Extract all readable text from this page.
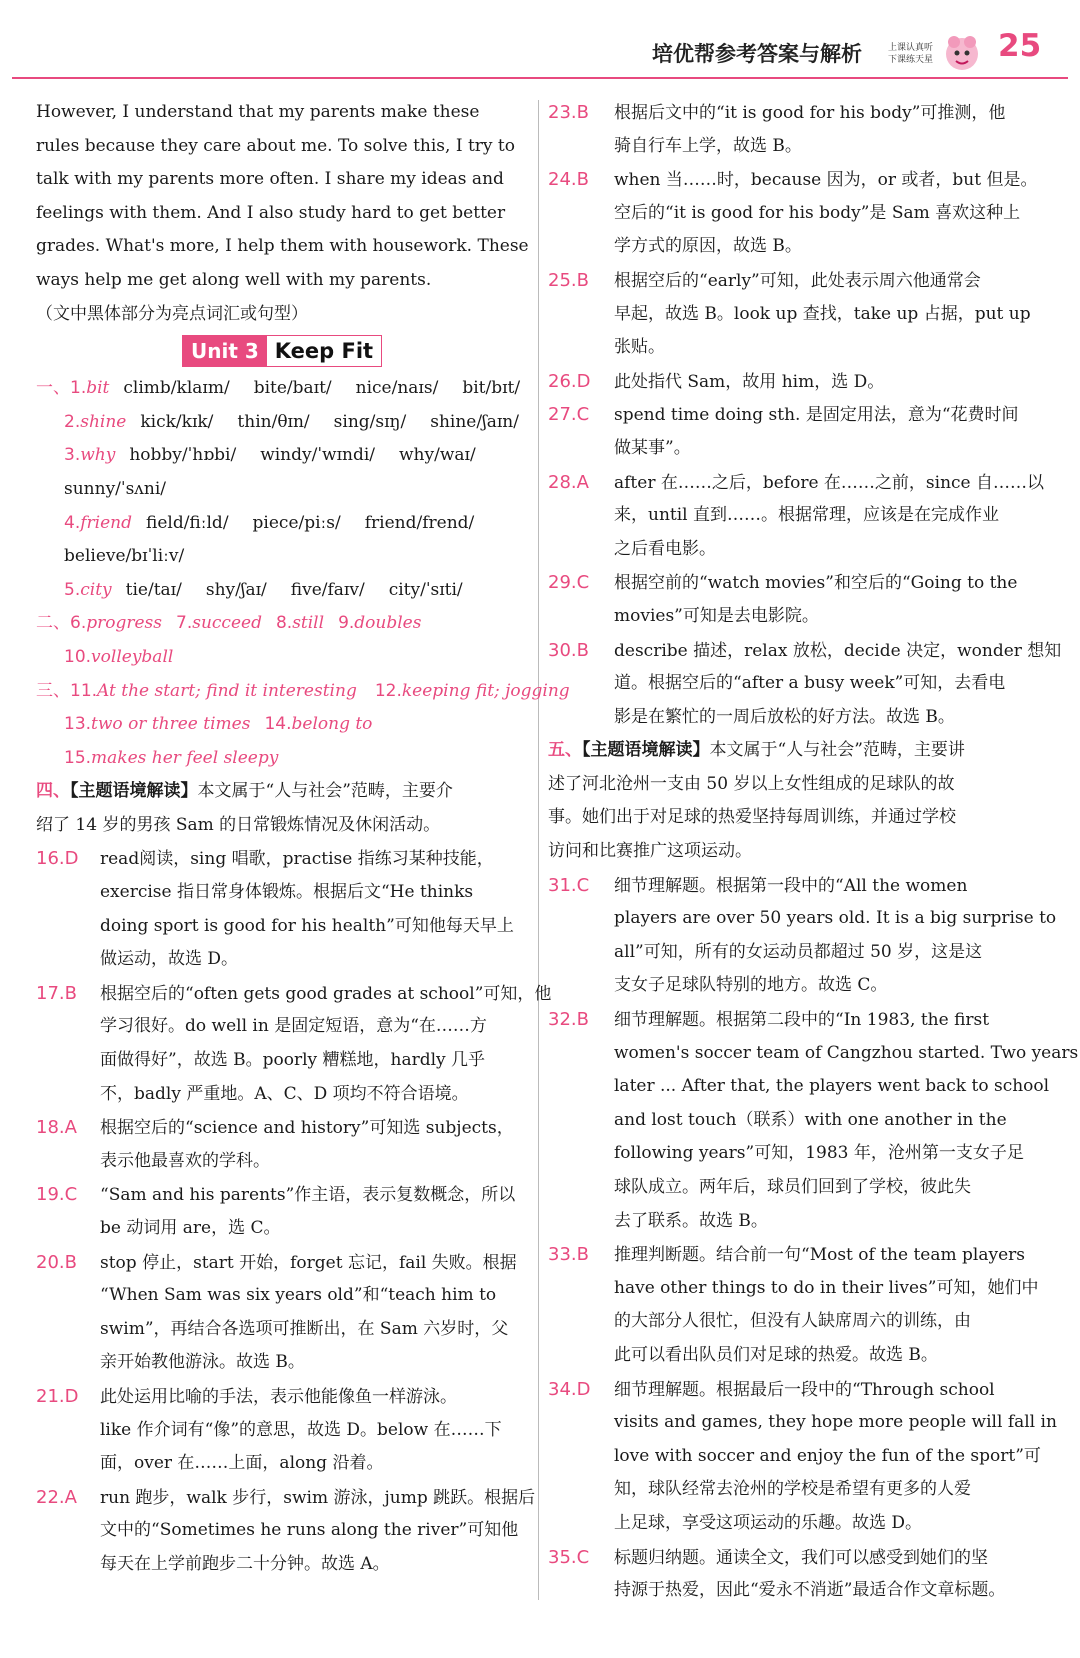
培优帮参考答案与解析	上课认真听
下课练天星 25
However, I understand that my parents make these
rules because they care about me. To solve this, I try to
talk with my parents more often. I share my ideas and
feelings with them. And I also study hard to get better
grades. What's more, I help them with housework. These
ways help me get along well with my parents.
（文中黑体部分为亮点词汇或句型）
Unit 3 Keep Fit
一、1.bit climb/klaɪm/ bite/baɪt/ nice/naɪs/ bit/bɪt/
2.shine kick/kɪk/ thin/θɪn/ sing/sɪŋ/ shine/ʃaɪn/
3.why hobby/ˈhɒbi/ windy/ˈwɪndi/ why/waɪ/
sunny/ˈsʌni/
4.friend field/fiːld/ piece/piːs/ friend/frend/
believe/bɪˈliːv/
5.city tie/taɪ/ shy/ʃaɪ/ five/faɪv/ city/ˈsɪti/
二、6.progress 7.succeed 8.still 9.doubles
10.volleyball
三、11.At the start; find it interesting 12.keeping fit; jogging
13.two or three times 14.belong to
15.makes her feel sleepy
四、【主题语境解读】本文属于“人与社会”范畴，主要介
绍了 14 岁的男孩 Sam 的日常锻炼情况及休闲活动。
16.D read阅读，sing 唱歌，practise 指练习某种技能，
exercise 指日常身体锻炼。根据后文“He thinks
doing sport is good for his health”可知他每天早上
做运动，故选 D。
17.B 根据空后的“often gets good grades at school”可知，他
学习很好。do well in 是固定短语，意为“在……方
面做得好”，故选 B。poorly 糟糕地，hardly 几乎
不，badly 严重地。A、C、D 项均不符合语境。
18.A 根据空后的“science and history”可知选 subjects，
表示他最喜欢的学科。
19.C “Sam and his parents”作主语，表示复数概念，所以
be 动词用 are，选 C。
20.B stop 停止，start 开始，forget 忘记，fail 失败。根据
“When Sam was six years old”和“teach him to
swim”，再结合各选项可推断出，在 Sam 六岁时，父
亲开始教他游泳。故选 B。
21.D 此处运用比喻的手法，表示他能像鱼一样游泳。
like 作介词有“像”的意思，故选 D。below 在……下
面，over 在……上面，along 沿着。
22.A run 跑步，walk 步行，swim 游泳，jump 跳跃。根据后
文中的“Sometimes he runs along the river”可知他
每天在上学前跑步二十分钟。故选 A。
23.B 根据后文中的“it is good for his body”可推测，他
骑自行车上学，故选 B。
24.B when 当……时，because 因为，or 或者，but 但是。
空后的“it is good for his body”是 Sam 喜欢这种上
学方式的原因，故选 B。
25.B 根据空后的“early”可知，此处表示周六他通常会
早起，故选 B。look up 查找，take up 占据，put up
张贴。
26.D 此处指代 Sam，故用 him，选 D。
27.C spend time doing sth. 是固定用法，意为“花费时间
做某事”。
28.A after 在……之后，before 在……之前，since 自……以
来，until 直到……。根据常理，应该是在完成作业
之后看电影。
29.C 根据空前的“watch movies”和空后的“Going to the
movies”可知是去电影院。
30.B describe 描述，relax 放松，decide 决定，wonder 想知
道。根据空后的“after a busy week”可知，去看电
影是在繁忙的一周后放松的好方法。故选 B。
五、【主题语境解读】本文属于“人与社会”范畴，主要讲
述了河北沧州一支由 50 岁以上女性组成的足球队的故
事。她们出于对足球的热爱坚持每周训练，并通过学校
访问和比赛推广这项运动。
31.C 细节理解题。根据第一段中的“All the women
players are over 50 years old. It is a big surprise to
all”可知，所有的女运动员都超过 50 岁，这是这
支女子足球队特别的地方。故选 C。
32.B 细节理解题。根据第二段中的“In 1983, the first
women's soccer team of Cangzhou started. Two years
later ... After that, the players went back to school
and lost touch（联系）with one another in the
following years”可知，1983 年，沧州第一支女子足
球队成立。两年后，球员们回到了学校，彼此失
去了联系。故选 B。
33.B 推理判断题。结合前一句“Most of the team players
have other things to do in their lives”可知，她们中
的大部分人很忙，但没有人缺席周六的训练，由
此可以看出队员们对足球的热爱。故选 B。
34.D 细节理解题。根据最后一段中的“Through school
visits and games, they hope more people will fall in
love with soccer and enjoy the fun of the sport”可
知，球队经常去沧州的学校是希望有更多的人爱
上足球，享受这项运动的乐趣。故选 D。
35.C 标题归纳题。通读全文，我们可以感受到她们的坚
持源于热爱，因此“爱永不消逝”最适合作文章标题。
